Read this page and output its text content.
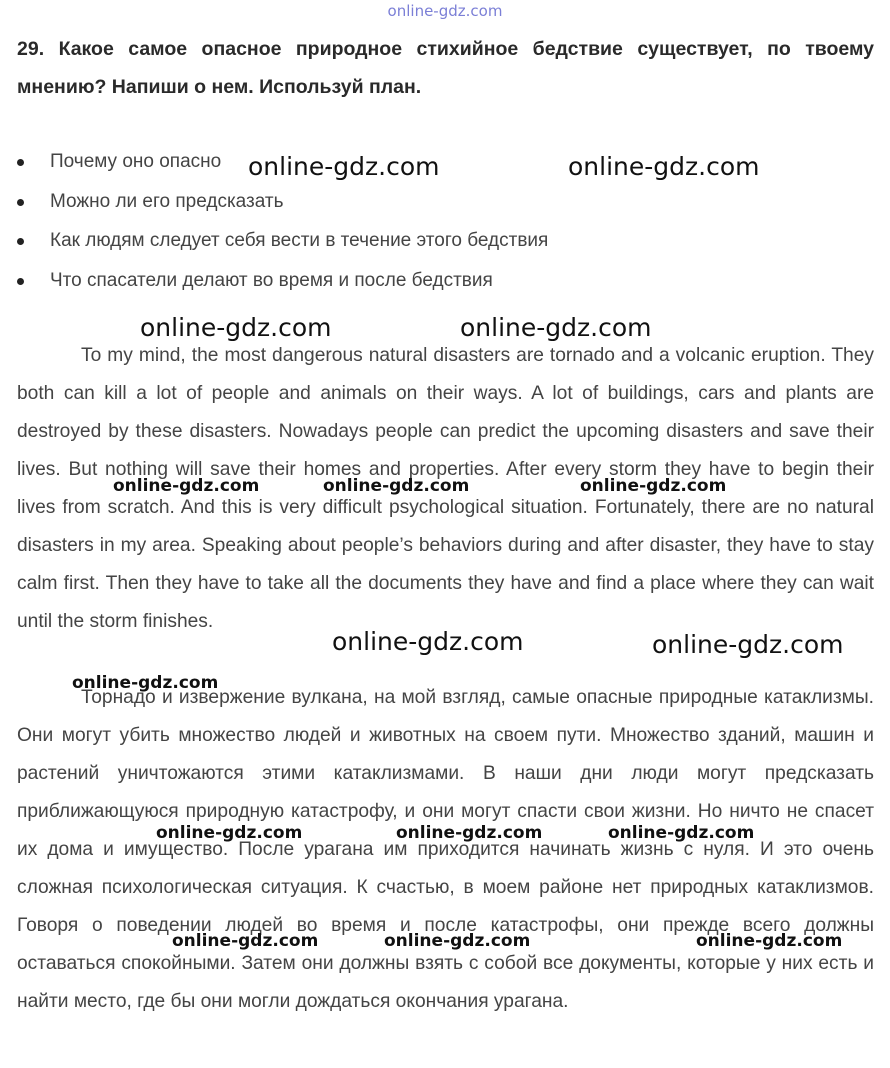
online-gdz.com

29. Какое самое опасное природное стихийное бедствие существует, по твоему мнению? Напиши о нем. Используй план.

Почему оно опасно
Можно ли его предсказать
Как людям следует себя вести в течение этого бедствия
Что спасатели делают во время и после бедствия

To my mind, the most dangerous natural disasters are tornado and a volcanic eruption. They both can kill a lot of people and animals on their ways. A lot of buildings, cars and plants are destroyed by these disasters. Nowadays people can predict the upcoming disasters and save their lives. But nothing will save their homes and properties. After every storm they have to begin their lives from scratch. And this is very difficult psychological situation. Fortunately, there are no natural disasters in my area. Speaking about people’s behaviors during and after disaster, they have to stay calm first. Then they have to take all the documents they have and find a place where they can wait until the storm finishes.

Торнадо и извержение вулкана, на мой взгляд, самые опасные природные катаклизмы. Они могут убить множество людей и животных на своем пути. Множество зданий, машин и растений уничтожаются этими катаклизмами. В наши дни люди могут предсказать приближающуюся природную катастрофу, и они могут спасти свои жизни. Но ничто не спасет их дома и имущество. После урагана им приходится начинать жизнь с нуля. И это очень сложная психологическая ситуация. К счастью, в моем районе нет природных катаклизмов. Говоря о поведении людей во время и после катастрофы, они прежде всего должны оставаться спокойными. Затем они должны взять с собой все документы, которые у них есть и найти место, где бы они могли дождаться окончания урагана.

online-gdz.com	online-gdz.com
online-gdz.com	online-gdz.com
online-gdz.com	online-gdz.com	online-gdz.com
online-gdz.com	online-gdz.com
online-gdz.com
online-gdz.com	online-gdz.com	online-gdz.com
online-gdz.com	online-gdz.com	online-gdz.com
